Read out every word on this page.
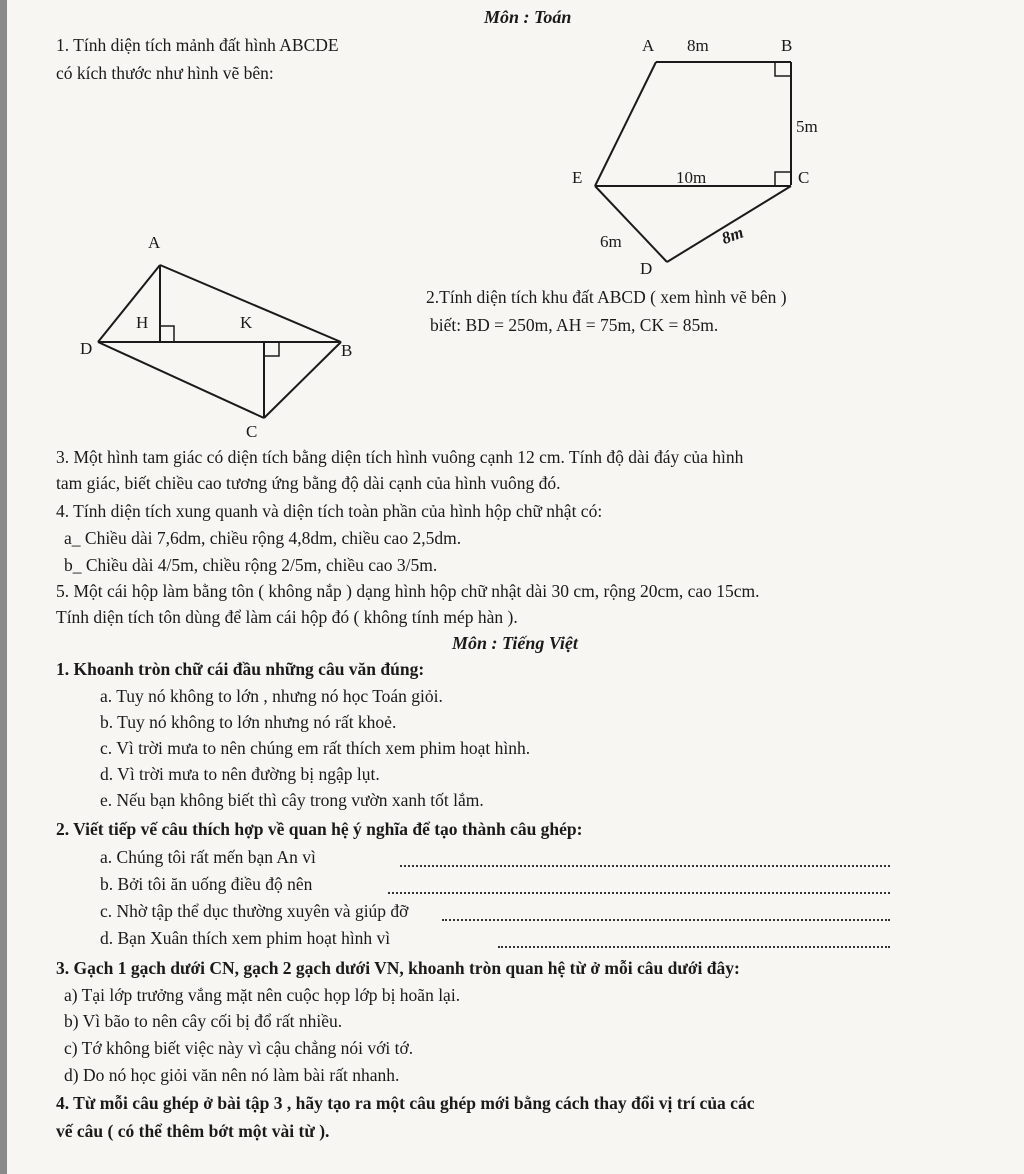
Môn : Toán
1. Tính diện tích mảnh đất hình ABCDE
có kích thước như hình vẽ bên:
A 8m	B
5m
E	10m	C
6m	8m
D
A
H	K
D	B
C
2.Tính diện tích khu đất ABCD ( xem hình vẽ bên )
biết: BD = 250m, AH = 75m, CK = 85m.
3. Một hình tam giác có diện tích bằng diện tích hình vuông cạnh 12 cm. Tính độ dài đáy của hình
tam giác, biết chiều cao tương ứng bằng độ dài cạnh của hình vuông đó.
4. Tính diện tích xung quanh và diện tích toàn phần của hình hộp chữ nhật có:
a_ Chiều dài 7,6dm, chiều rộng 4,8dm, chiều cao 2,5dm.
b_ Chiều dài 4/5m, chiều rộng 2/5m, chiều cao 3/5m.
5. Một cái hộp làm bằng tôn ( không nắp ) dạng hình hộp chữ nhật dài 30 cm, rộng 20cm, cao 15cm.
Tính diện tích tôn dùng để làm cái hộp đó ( không tính mép hàn ).
Môn : Tiếng Việt
1. Khoanh tròn chữ cái đầu những câu văn đúng:
a. Tuy nó không to lớn , nhưng nó học Toán giỏi.
b. Tuy nó không to lớn nhưng nó rất khoẻ.
c. Vì trời mưa to nên chúng em rất thích xem phim hoạt hình.
d. Vì trời mưa to nên đường bị ngập lụt.
e. Nếu bạn không biết thì cây trong vườn xanh tốt lắm.
2. Viết tiếp vế câu thích hợp về quan hệ ý nghĩa để tạo thành câu ghép:
a. Chúng tôi rất mến bạn An vì
b. Bởi tôi ăn uống điều độ nên
c. Nhờ tập thể dục thường xuyên và giúp đỡ
d. Bạn Xuân thích xem phim hoạt hình vì
3. Gạch 1 gạch dưới CN, gạch 2 gạch dưới VN, khoanh tròn quan hệ từ ở mỗi câu dưới đây:
a) Tại lớp trưởng vắng mặt nên cuộc họp lớp bị hoãn lại.
b) Vì bão to nên cây cối bị đổ rất nhiều.
c) Tớ không biết việc này vì cậu chẳng nói với tớ.
d) Do nó học giỏi văn nên nó làm bài rất nhanh.
4. Từ mỗi câu ghép ở bài tập 3 , hãy tạo ra một câu ghép mới bằng cách thay đổi vị trí của các
vế câu ( có thể thêm bớt một vài từ ).
